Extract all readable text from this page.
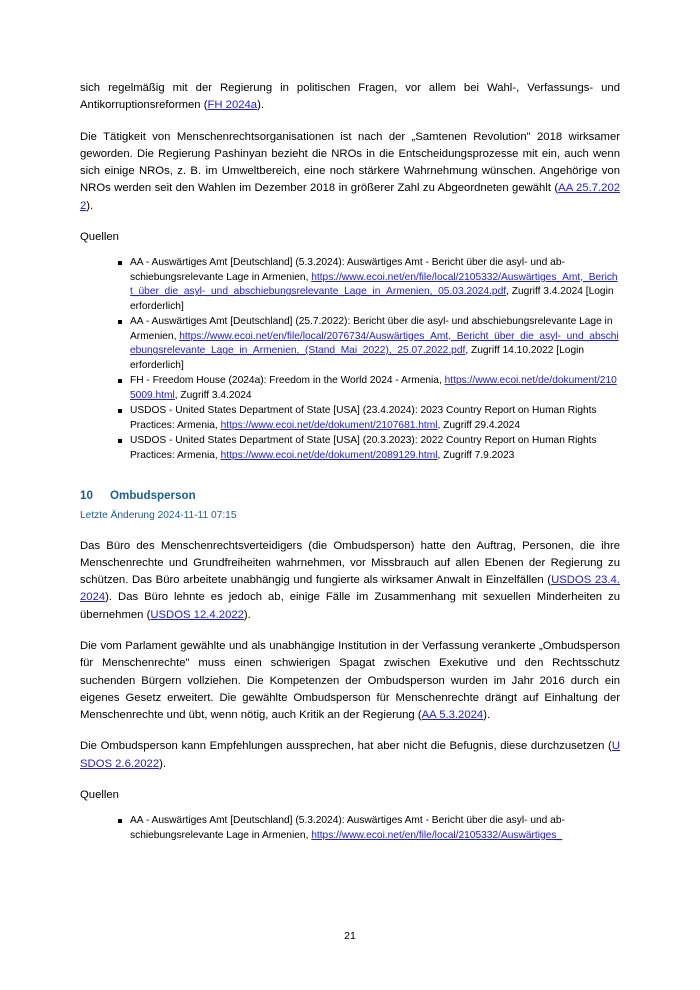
sich regelmäßig mit der Regierung in politischen Fragen, vor allem bei Wahl-, Verfassungs- und Antikorruptionsreformen (FH 2024a).

Die Tätigkeit von Menschenrechtsorganisationen ist nach der „Samtenen Revolution" 2018 wirksamer geworden. Die Regierung Pashinyan bezieht die NROs in die Entscheidungsprozesse mit ein, auch wenn sich einige NROs, z. B. im Umweltbereich, eine noch stärkere Wahrnehmung wünschen. Angehörige von NROs werden seit den Wahlen im Dezember 2018 in größerer Zahl zu Abgeordneten gewählt (AA 25.7.2022).

Quellen

AA - Auswärtiges Amt [Deutschland] (5.3.2024): Auswärtiges Amt - Bericht über die asyl- und ab-schiebungsrelevante Lage in Armenien, https://www.ecoi.net/en/file/local/2105332/Auswärtiges_Amt,_Bericht_über_die_asyl-_und_abschiebungsrelevante_Lage_in_Armenien,_05.03.2024.pdf, Zugriff 3.4.2024 [Login erforderlich]
AA - Auswärtiges Amt [Deutschland] (25.7.2022): Bericht über die asyl- und abschiebungsrelevante Lage in Armenien, https://www.ecoi.net/en/file/local/2076734/Auswärtiges_Amt,_Bericht_über_die_asyl-_und_abschiebungsrelevante_Lage_in_Armenien,_(Stand_Mai_2022),_25.07.2022.pdf, Zugriff 14.10.2022 [Login erforderlich]
FH - Freedom House (2024a): Freedom in the World 2024 - Armenia, https://www.ecoi.net/de/dokument/2105009.html, Zugriff 3.4.2024
USDOS - United States Department of State [USA] (23.4.2024): 2023 Country Report on Human Rights Practices: Armenia, https://www.ecoi.net/de/dokument/2107681.html, Zugriff 29.4.2024
USDOS - United States Department of State [USA] (20.3.2023): 2022 Country Report on Human Rights Practices: Armenia, https://www.ecoi.net/de/dokument/2089129.html, Zugriff 7.9.2023
10 Ombudsperson
Letzte Änderung 2024-11-11 07:15

Das Büro des Menschenrechtsverteidigers (die Ombudsperson) hatte den Auftrag, Personen, die ihre Menschenrechte und Grundfreiheiten wahrnehmen, vor Missbrauch auf allen Ebenen der Regierung zu schützen. Das Büro arbeitete unabhängig und fungierte als wirksamer Anwalt in Einzelfällen (USDOS 23.4.2024). Das Büro lehnte es jedoch ab, einige Fälle im Zusammenhang mit sexuellen Minderheiten zu übernehmen (USDOS 12.4.2022).

Die vom Parlament gewählte und als unabhängige Institution in der Verfassung verankerte „Ombudsperson für Menschenrechte" muss einen schwierigen Spagat zwischen Exekutive und den Rechtsschutz suchenden Bürgern vollziehen. Die Kompetenzen der Ombudsperson wurden im Jahr 2016 durch ein eigenes Gesetz erweitert. Die gewählte Ombudsperson für Menschenrechte drängt auf Einhaltung der Menschenrechte und übt, wenn nötig, auch Kritik an der Regierung (AA 5.3.2024).

Die Ombudsperson kann Empfehlungen aussprechen, hat aber nicht die Befugnis, diese durchzusetzen (USDOS 2.6.2022).

Quellen

AA - Auswärtiges Amt [Deutschland] (5.3.2024): Auswärtiges Amt - Bericht über die asyl- und ab-schiebungsrelevante Lage in Armenien, https://www.ecoi.net/en/file/local/2105332/Auswärtiges_
21
